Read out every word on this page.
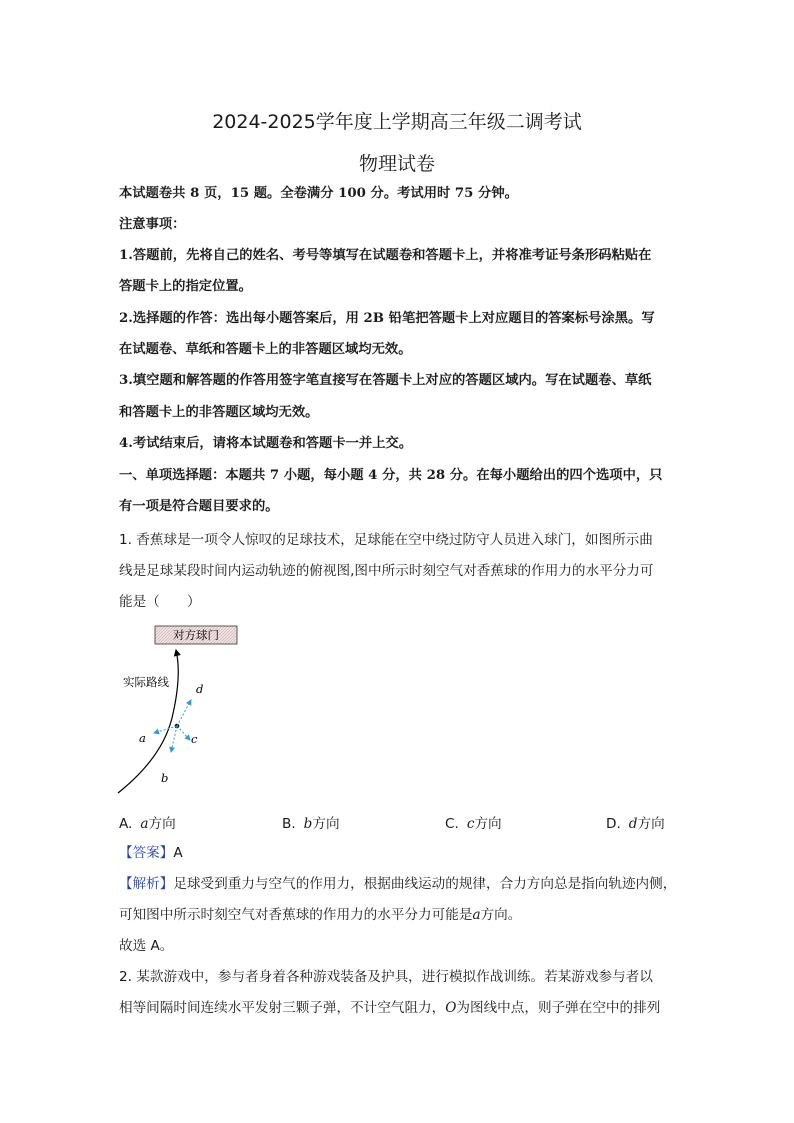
2024-2025学年度上学期高三年级二调考试
物理试卷
本试题卷共 8 页，15 题。全卷满分 100 分。考试用时 75 分钟。
注意事项：
1.答题前，先将自己的姓名、考号等填写在试题卷和答题卡上，并将准考证号条形码粘贴在
答题卡上的指定位置。
2.选择题的作答：选出每小题答案后，用 2B 铅笔把答题卡上对应题目的答案标号涂黑。写
在试题卷、草纸和答题卡上的非答题区域均无效。
3.填空题和解答题的作答用签字笔直接写在答题卡上对应的答题区域内。写在试题卷、草纸
和答题卡上的非答题区域均无效。
4.考试结束后，请将本试题卷和答题卡一并上交。
一、单项选择题：本题共 7 小题，每小题 4 分，共 28 分。在每小题给出的四个选项中，只
有一项是符合题目要求的。
1. 香蕉球是一项令人惊叹的足球技术，足球能在空中绕过防守人员进入球门，如图所示曲
线是足球某段时间内运动轨迹的俯视图,图中所示时刻空气对香蕉球的作用力的水平分力可
能是（　　）
对方球门
实际路线
a
b
c
d
A. a方向	B. b方向	C. c方向	D. d方向
【答案】A
【解析】足球受到重力与空气的作用力，根据曲线运动的规律，合力方向总是指向轨迹内侧，
可知图中所示时刻空气对香蕉球的作用力的水平分力可能是a方向。
故选 A。
2. 某款游戏中，参与者身着各种游戏装备及护具，进行模拟作战训练。若某游戏参与者以
相等间隔时间连续水平发射三颗子弹，不计空气阻力，O为图线中点，则子弹在空中的排列
